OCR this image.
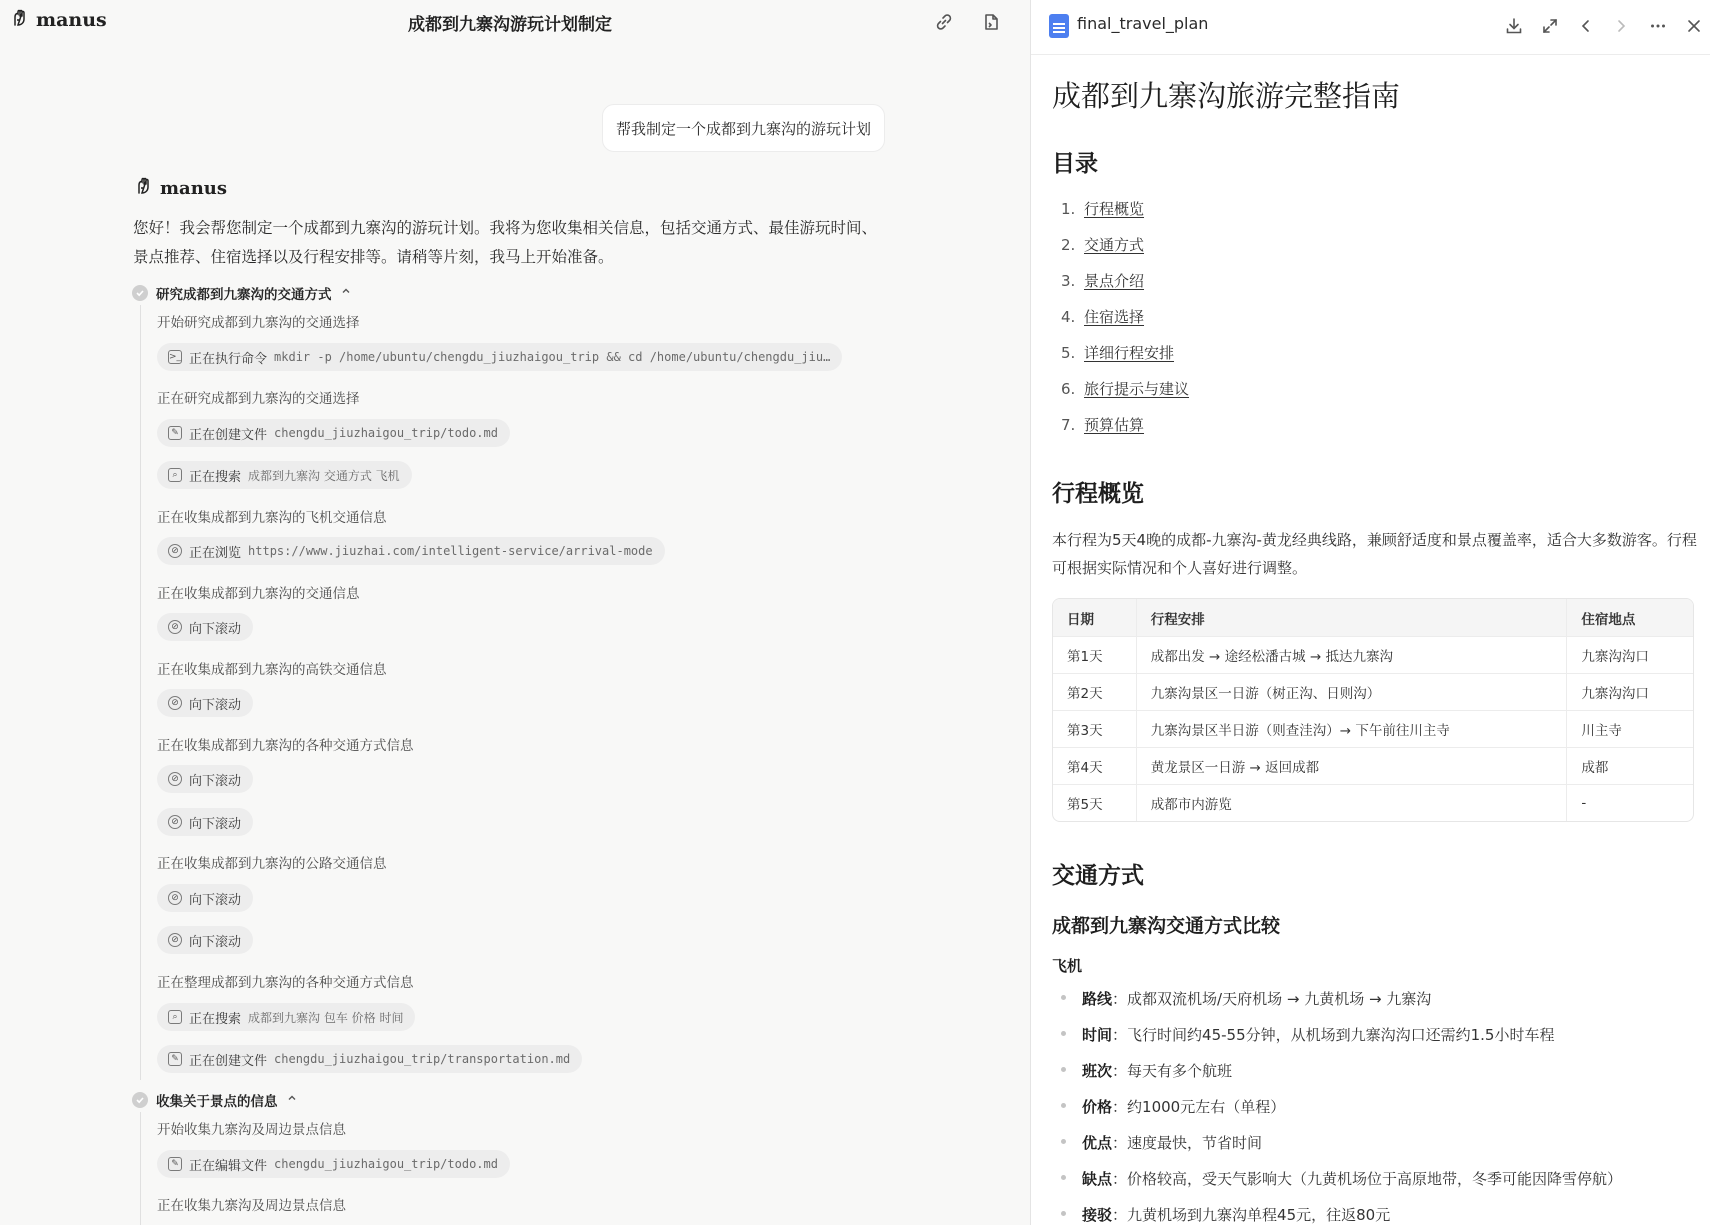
manus	成都到九寨沟游玩计划制定
帮我制定一个成都到九寨沟的游玩计划
manus
您好！我会帮您制定一个成都到九寨沟的游玩计划。我将为您收集相关信息，包括交通方式、最佳游玩时间、景点推荐、住宿选择以及行程安排等。请稍等片刻，我马上开始准备。
研究成都到九寨沟的交通方式
开始研究成都到九寨沟的交通选择
>_ 正在执行命令 mkdir -p /home/ubuntu/chengdu_jiuzhaigou_trip && cd /home/ubuntu/chengdu_jiu…
正在研究成都到九寨沟的交通选择
✎ 正在创建文件 chengdu_jiuzhaigou_trip/todo.md
⌕ 正在搜索 成都到九寨沟 交通方式 飞机
正在收集成都到九寨沟的飞机交通信息
⊘ 正在浏览 https://www.jiuzhai.com/intelligent-service/arrival-mode
正在收集成都到九寨沟的交通信息
⊘ 向下滚动
正在收集成都到九寨沟的高铁交通信息
⊘ 向下滚动
正在收集成都到九寨沟的各种交通方式信息
⊘ 向下滚动
⊘ 向下滚动
正在收集成都到九寨沟的公路交通信息
⊘ 向下滚动
⊘ 向下滚动
正在整理成都到九寨沟的各种交通方式信息
⌕ 正在搜索 成都到九寨沟 包车 价格 时间
✎ 正在创建文件 chengdu_jiuzhaigou_trip/transportation.md
收集关于景点的信息
开始收集九寨沟及周边景点信息
✎ 正在编辑文件 chengdu_jiuzhaigou_trip/todo.md
正在收集九寨沟及周边景点信息
final_travel_plan
成都到九寨沟旅游完整指南
目录
1. 行程概览
2. 交通方式
3. 景点介绍
4. 住宿选择
5. 详细行程安排
6. 旅行提示与建议
7. 预算估算
行程概览
本行程为5天4晚的成都-九寨沟-黄龙经典线路，兼顾舒适度和景点覆盖率，适合大多数游客。行程可根据实际情况和个人喜好进行调整。
日期	行程安排	住宿地点
第1天	成都出发 → 途经松潘古城 → 抵达九寨沟	九寨沟沟口
第2天	九寨沟景区一日游（树正沟、日则沟）	九寨沟沟口
第3天	九寨沟景区半日游（则查洼沟）→ 下午前往川主寺	川主寺
第4天	黄龙景区一日游 → 返回成都	成都
第5天	成都市内游览	-
交通方式
成都到九寨沟交通方式比较
飞机
路线：成都双流机场/天府机场 → 九黄机场 → 九寨沟
时间：飞行时间约45-55分钟，从机场到九寨沟沟口还需约1.5小时车程
班次：每天有多个航班
价格：约1000元左右（单程）
优点：速度最快，节省时间
缺点：价格较高，受天气影响大（九黄机场位于高原地带，冬季可能因降雪停航）
接驳：九黄机场到九寨沟单程45元，往返80元
